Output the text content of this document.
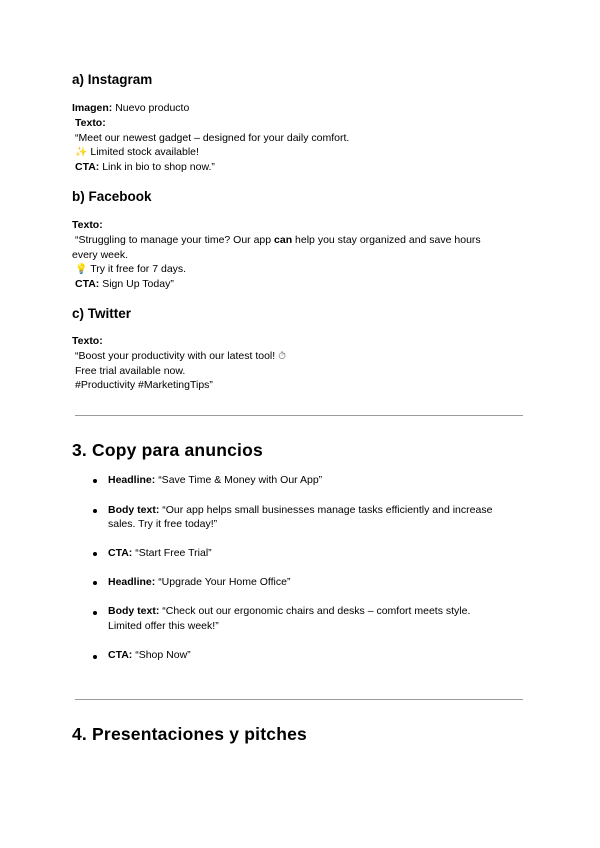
a) Instagram
Imagen: Nuevo producto
Texto:
“Meet our newest gadget – designed for your daily comfort.
✨ Limited stock available!
CTA: Link in bio to shop now.”
b) Facebook
Texto:
“Struggling to manage your time? Our app can help you stay organized and save hours
every week.
💡 Try it free for 7 days.
CTA: Sign Up Today”
c) Twitter
Texto:
“Boost your productivity with our latest tool! ⏱
Free trial available now.
#Productivity #MarketingTips”
3. Copy para anuncios
Headline: “Save Time & Money with Our App”
Body text: “Our app helps small businesses manage tasks efficiently and increase
sales. Try it free today!”
CTA: “Start Free Trial”
Headline: “Upgrade Your Home Office”
Body text: “Check out our ergonomic chairs and desks – comfort meets style.
Limited offer this week!”
CTA: “Shop Now”
4. Presentaciones y pitches
